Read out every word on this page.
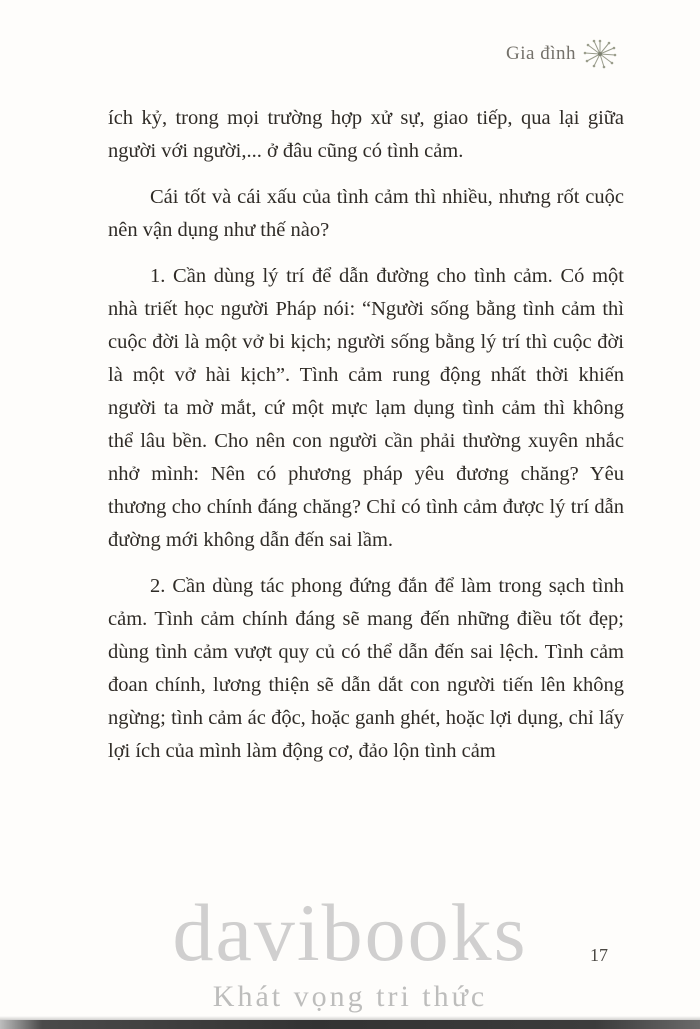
Gia đình

ích kỷ, trong mọi trường hợp xử sự, giao tiếp, qua lại giữa người với người,... ở đâu cũng có tình cảm.

Cái tốt và cái xấu của tình cảm thì nhiều, nhưng rốt cuộc nên vận dụng như thế nào?

1. Cần dùng lý trí để dẫn đường cho tình cảm. Có một nhà triết học người Pháp nói: “Người sống bằng tình cảm thì cuộc đời là một vở bi kịch; người sống bằng lý trí thì cuộc đời là một vở hài kịch”. Tình cảm rung động nhất thời khiến người ta mờ mắt, cứ một mực lạm dụng tình cảm thì không thể lâu bền. Cho nên con người cần phải thường xuyên nhắc nhở mình: Nên có phương pháp yêu đương chăng? Yêu thương cho chính đáng chăng? Chỉ có tình cảm được lý trí dẫn đường mới không dẫn đến sai lầm.

2. Cần dùng tác phong đứng đắn để làm trong sạch tình cảm. Tình cảm chính đáng sẽ mang đến những điều tốt đẹp; dùng tình cảm vượt quy củ có thể dẫn đến sai lệch. Tình cảm đoan chính, lương thiện sẽ dẫn dắt con người tiến lên không ngừng; tình cảm ác độc, hoặc ganh ghét, hoặc lợi dụng, chỉ lấy lợi ích của mình làm động cơ, đảo lộn tình cảm

davibooks
Khát vọng tri thức
17
